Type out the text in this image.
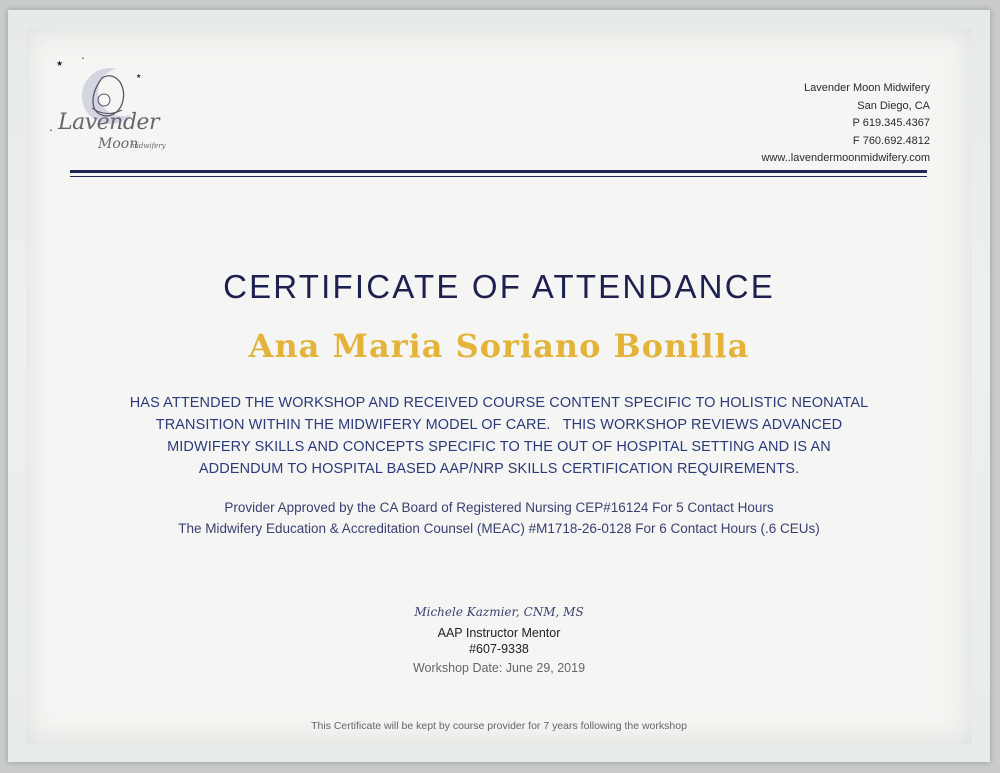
★
★
•
• Lavender
Moon
midwifery
Lavender Moon Midwifery
San Diego, CA
P 619.345.4367
F 760.692.4812
www..lavendermoonmidwifery.com
CERTIFICATE OF ATTENDANCE
Ana Maria Soriano Bonilla
HAS ATTENDED THE WORKSHOP AND RECEIVED COURSE CONTENT SPECIFIC TO HOLISTIC NEONATAL
TRANSITION WITHIN THE MIDWIFERY MODEL OF CARE.   THIS WORKSHOP REVIEWS ADVANCED
MIDWIFERY SKILLS AND CONCEPTS SPECIFIC TO THE OUT OF HOSPITAL SETTING AND IS AN
ADDENDUM TO HOSPITAL BASED AAP/NRP SKILLS CERTIFICATION REQUIREMENTS.
Provider Approved by the CA Board of Registered Nursing CEP#16124 For 5 Contact Hours
The Midwifery Education & Accreditation Counsel (MEAC) #M1718-26-0128 For 6 Contact Hours (.6 CEUs)
Michele Kazmier, CNM, MS
AAP Instructor Mentor
#607-9338
Workshop Date: June 29, 2019
This Certificate will be kept by course provider for 7 years following the workshop
